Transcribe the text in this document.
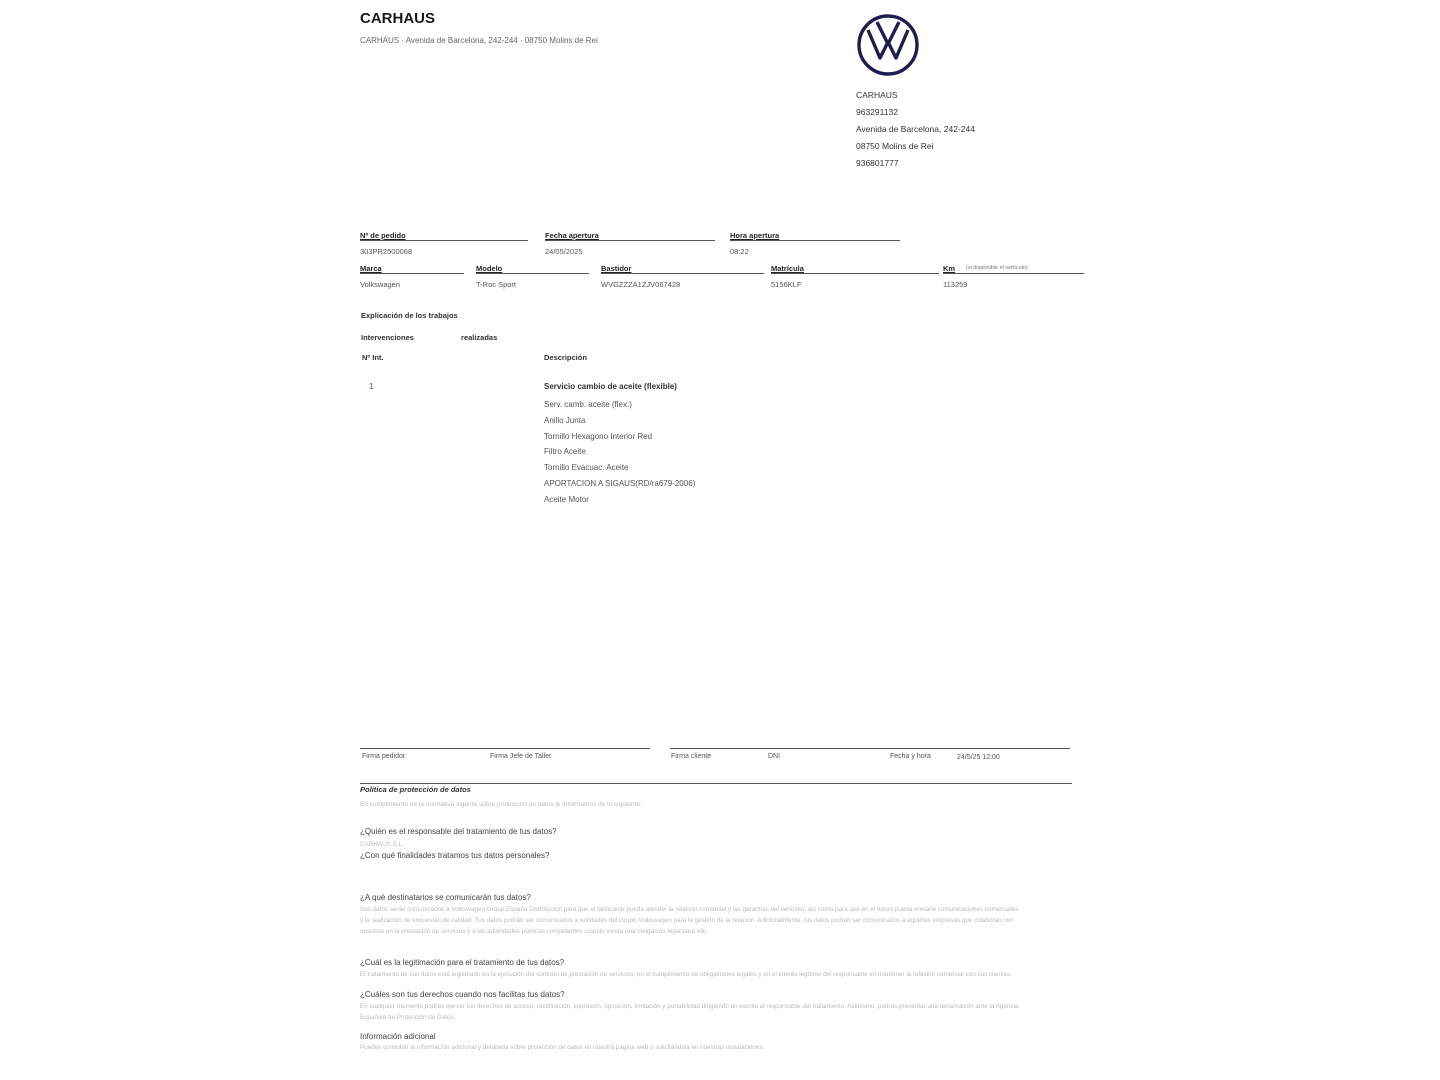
CARHAUS
CARHAUS · Avenida de Barcelona, 242-244 · 08750 Molins de Rei
CARHAUS
963291132
Avenida de Barcelona, 242-244
08750 Molins de Rei
936801777
Nº de pedido
303PR2500068
Fecha apertura
24/05/2025
Hora apertura
08:22
Marca
Volkswagen
Modelo
T-Roc Sport
Bastidor
WVGZZZA1ZJV067428
Matrícula
5156KLF
Km (si disponible el vehículo)
113259
Explicación de los trabajos
Intervenciones	realizadas
Nº Int.	Descripción
1	Servicio cambio de aceite (flexible)
Serv. camb. aceite (flex.)
Anillo Junta
Tornillo Hexagono Interior Red
Filtro Aceite
Tornillo Evacuac. Aceite
APORTACION A SIGAUS(RD/ra679-2006)
Aceite Motor
Firma pedidor	Firma Jefe de Taller	Firma cliente	DNI	Fecha y hora	24/5/25 12:00
Política de protección de datos
En cumplimiento de la normativa vigente sobre protección de datos le informamos de lo siguiente:
¿Quién es el responsable del tratamiento de tus datos?
CARHAUS S.L.
¿Con qué finalidades tratamos tus datos personales?
¿A qué destinatarios se comunicarán tus datos?
Sus datos serán comunicados a Volkswagen Group España Distribución para que el fabricante pueda atender la relación comercial y las garantías del vehículo, así como para que en el futuro pueda enviarle comunicaciones comerciales y la realización de encuestas de calidad. Tus datos podrán ser comunicados a entidades del Grupo Volkswagen para la gestión de la relación. Adicionalmente, tus datos podrán ser comunicados a aquellas empresas que colaboran con nosotros en la prestación de servicios y a las autoridades públicas competentes cuando exista una obligación legal para ello.
¿Cuál es la legitimación para el tratamiento de tus datos?
El tratamiento de sus datos está legitimado en la ejecución del contrato de prestación de servicios, en el cumplimiento de obligaciones legales y en el interés legítimo del responsable en mantener la relación comercial con sus clientes.
¿Cuáles son tus derechos cuando nos facilitas tus datos?
En cualquier momento podrás ejercer tus derechos de acceso, rectificación, supresión, oposición, limitación y portabilidad dirigiendo un escrito al responsable del tratamiento. Asimismo, podrás presentar una reclamación ante la Agencia Española de Protección de Datos.
Información adicional
Puedes consultar la información adicional y detallada sobre protección de datos en nuestra página web o solicitándola en nuestras instalaciones.
